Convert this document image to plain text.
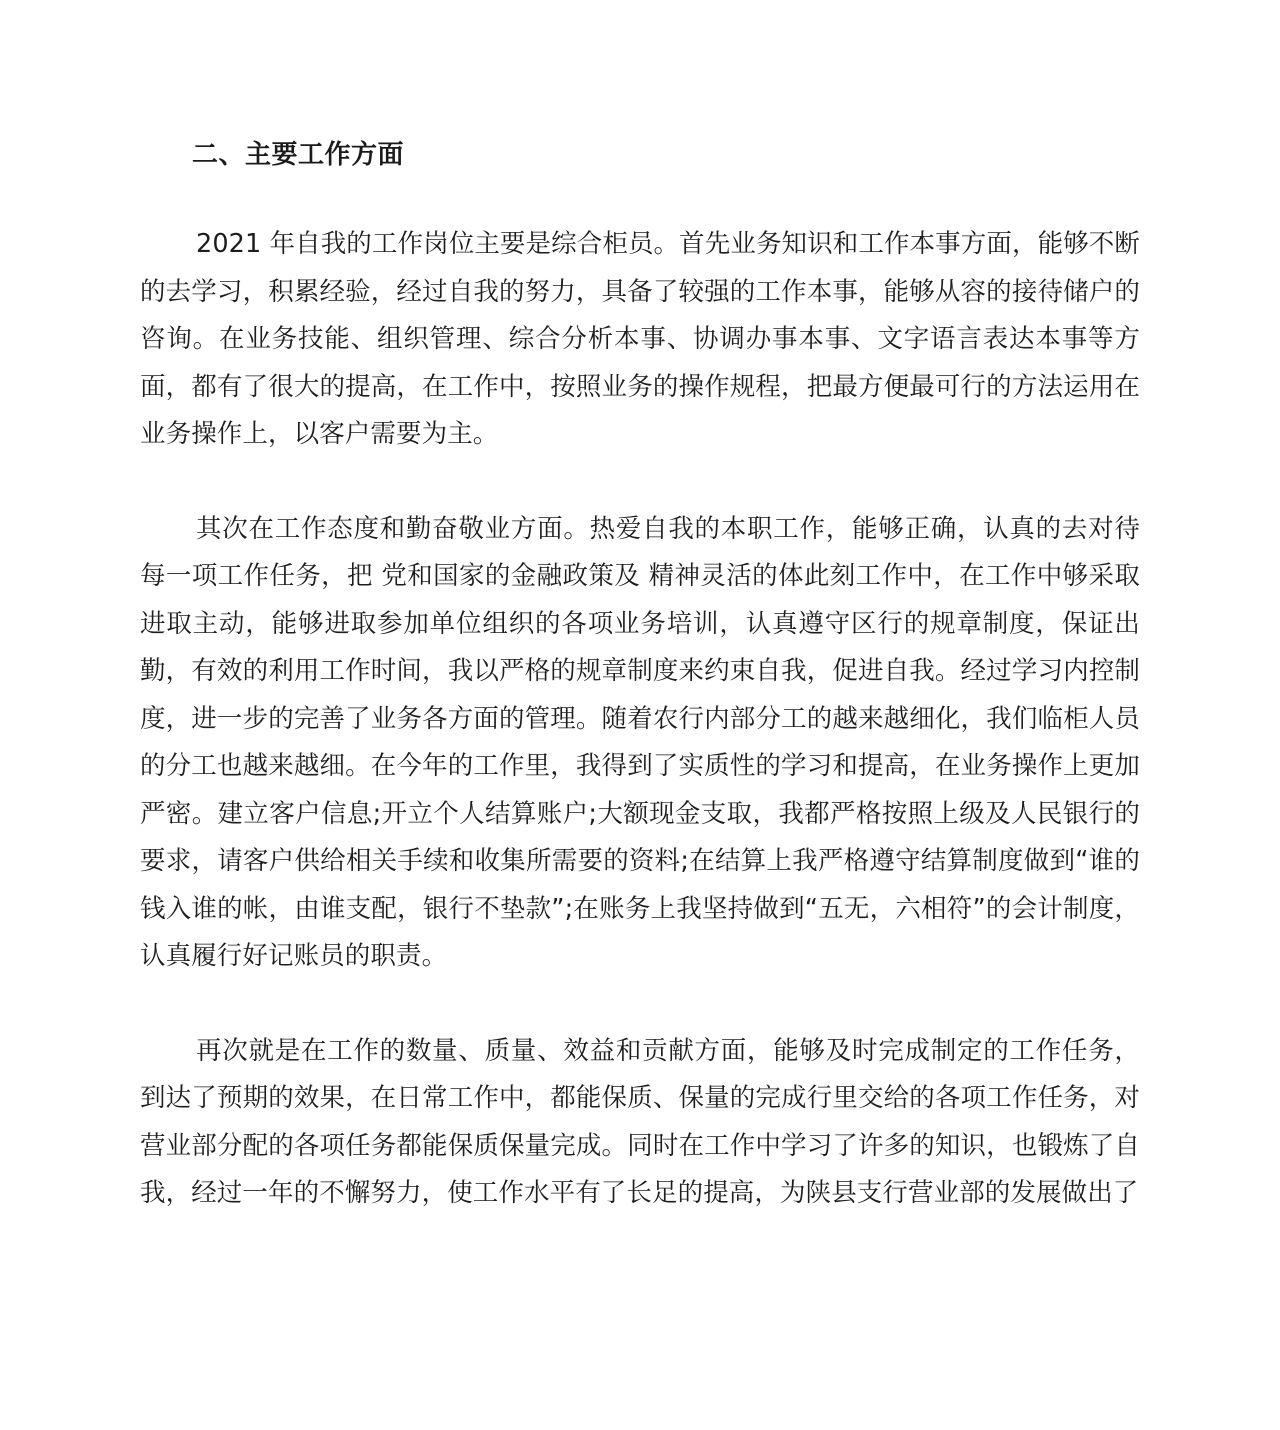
二、主要工作方面

2021 年自我的工作岗位主要是综合柜员。首先业务知识和工作本事方面，能够不断的去学习，积累经验，经过自我的努力，具备了较强的工作本事，能够从容的接待储户的咨询。在业务技能、组织管理、综合分析本事、协调办事本事、文字语言表达本事等方面，都有了很大的提高，在工作中，按照业务的操作规程，把最方便最可行的方法运用在业务操作上，以客户需要为主。

其次在工作态度和勤奋敬业方面。热爱自我的本职工作，能够正确，认真的去对待每一项工作任务，把 党和国家的金融政策及 精神灵活的体此刻工作中，在工作中够采取进取主动，能够进取参加单位组织的各项业务培训，认真遵守区行的规章制度，保证出勤，有效的利用工作时间，我以严格的规章制度来约束自我，促进自我。经过学习内控制度，进一步的完善了业务各方面的管理。随着农行内部分工的越来越细化，我们临柜人员的分工也越来越细。在今年的工作里，我得到了实质性的学习和提高，在业务操作上更加严密。建立客户信息;开立个人结算账户;大额现金支取，我都严格按照上级及人民银行的要求，请客户供给相关手续和收集所需要的资料;在结算上我严格遵守结算制度做到“谁的钱入谁的帐，由谁支配，银行不垫款”;在账务上我坚持做到“五无，六相符”的会计制度，认真履行好记账员的职责。

再次就是在工作的数量、质量、效益和贡献方面，能够及时完成制定的工作任务，到达了预期的效果，在日常工作中，都能保质、保量的完成行里交给的各项工作任务，对营业部分配的各项任务都能保质保量完成。同时在工作中学习了许多的知识，也锻炼了自我，经过一年的不懈努力，使工作水平有了长足的提高，为陕县支行营业部的发展做出了
